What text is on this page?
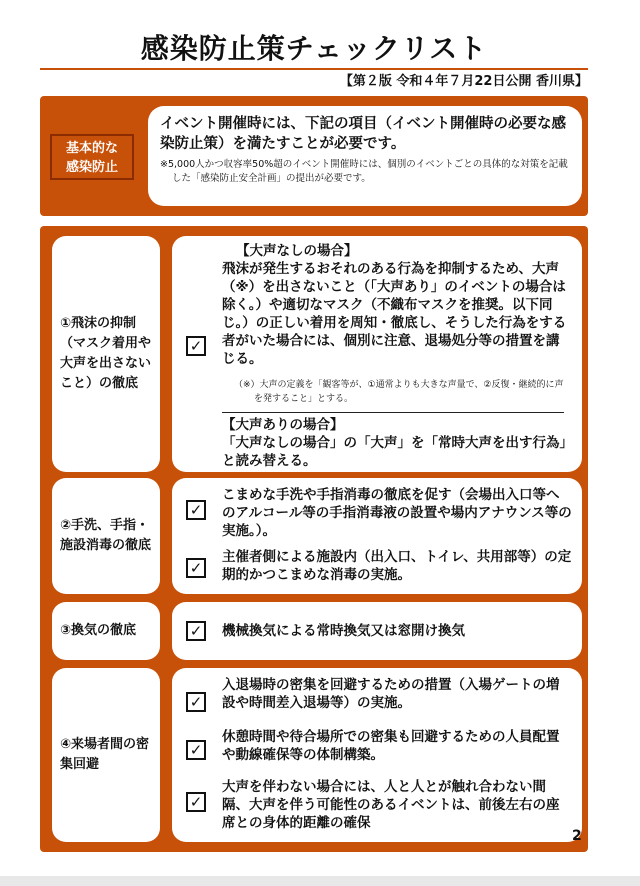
感染防止策チェックリスト
【第２版 令和４年７月22日公開 香川県】
基本的な
感染防止
イベント開催時には、下記の項目（イベント開催時の必要な感染防止策）を満たすことが必要です。
※5,000人かつ収容率50%超のイベント開催時には、個別のイベントごとの具体的な対策を記載した「感染防止安全計画」の提出が必要です。
①飛沫の抑制（マスク着用や大声を出さないこと）の徹底
✓
【大声なしの場合】
飛沫が発生するおそれのある行為を抑制するため、大声（※）を出さないこと（「大声あり」のイベントの場合は除く。）や適切なマスク（不織布マスクを推奨。以下同じ。）の正しい着用を周知・徹底し、そうした行為をする者がいた場合には、個別に注意、退場処分等の措置を講じる。
（※）大声の定義を「観客等が、①通常よりも大きな声量で、②反復・継続的に声を発すること」とする。
【大声ありの場合】
「大声なしの場合」の「大声」を「常時大声を出す行為」と読み替える。
②手洗、手指・施設消毒の徹底
✓
こまめな手洗や手指消毒の徹底を促す（会場出入口等へのアルコール等の手指消毒液の設置や場内アナウンス等の実施。）。
✓
主催者側による施設内（出入口、トイレ、共用部等）の定期的かつこまめな消毒の実施。
③換気の徹底	✓ 機械換気による常時換気又は窓開け換気
④来場者間の密集回避
✓
入退場時の密集を回避するための措置（入場ゲートの増設や時間差入退場等）の実施。
✓
休憩時間や待合場所での密集も回避するための人員配置や動線確保等の体制構築。
✓
大声を伴わない場合には、人と人とが触れ合わない間隔、大声を伴う可能性のあるイベントは、前後左右の座席との身体的距離の確保
2
